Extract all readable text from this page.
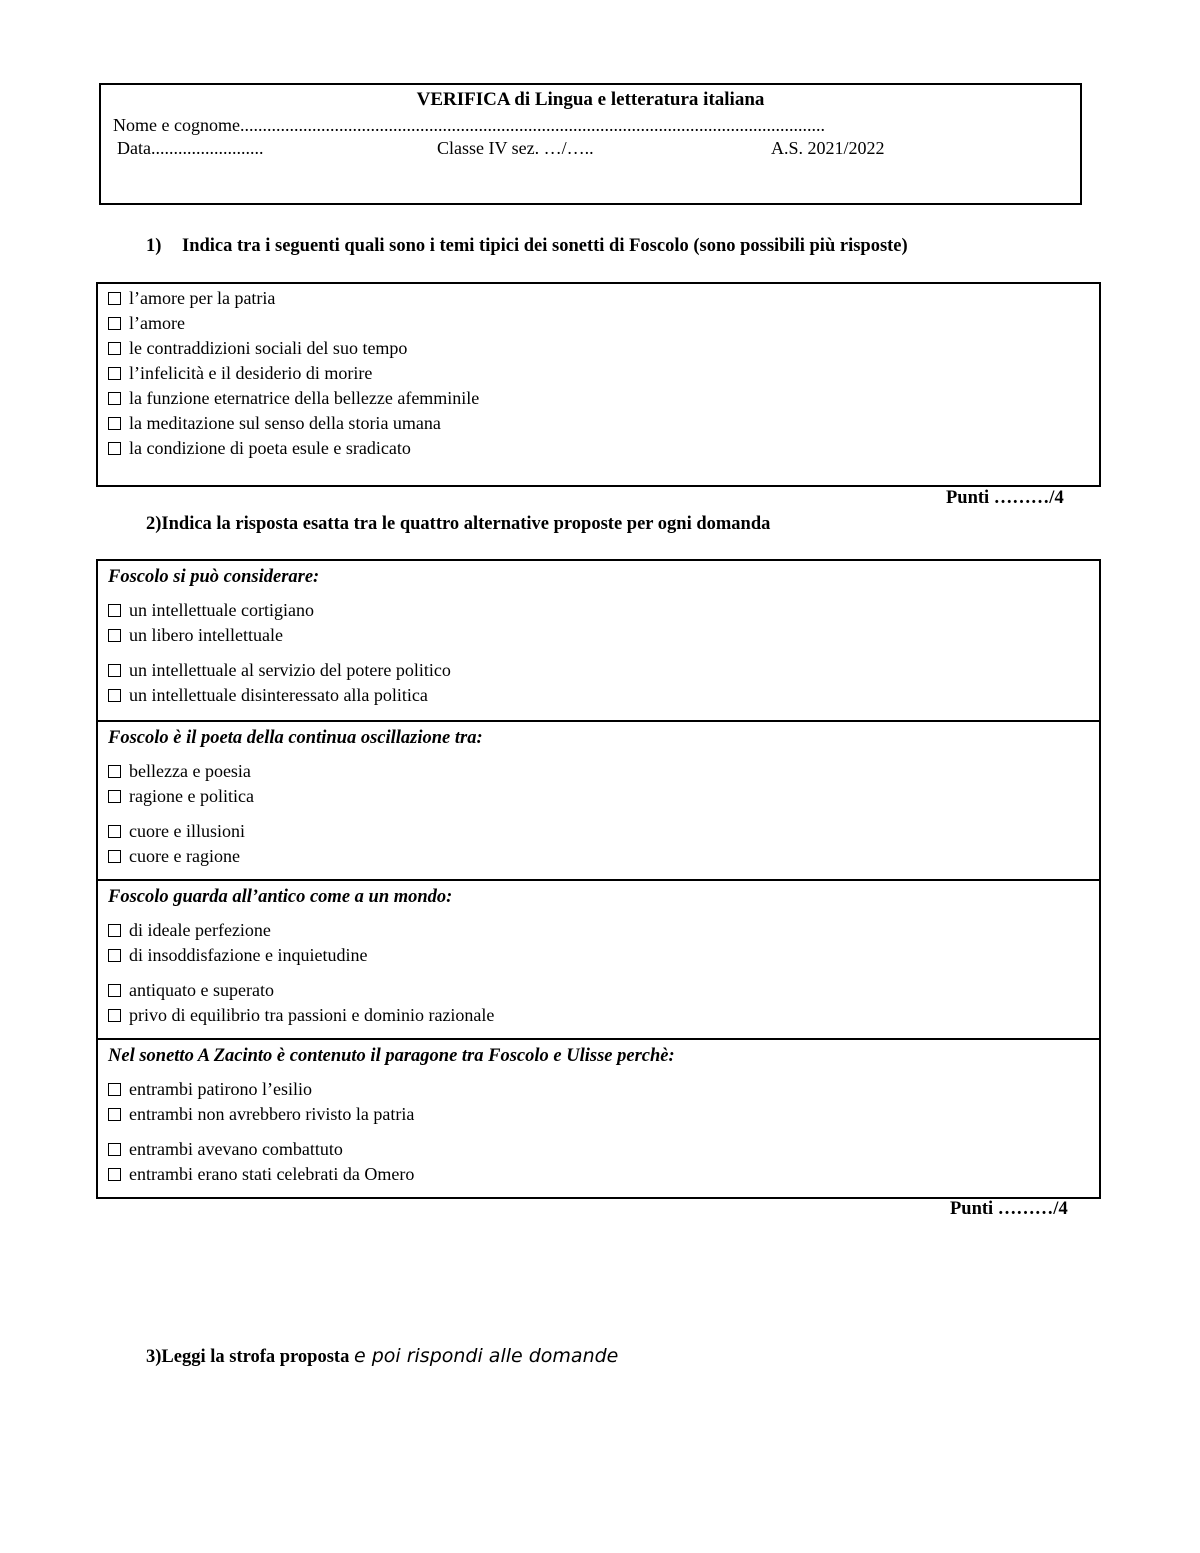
VERIFICA di Lingua e letteratura italiana
Nome e cognome..................................................................................................................................
Data.........................	Classe IV sez. …/…..	A.S. 2021/2022
1) Indica tra i seguenti quali sono i temi tipici dei sonetti di Foscolo (sono possibili più risposte)
l’amore per la patria
l’amore
le contraddizioni sociali del suo tempo
l’infelicità e il desiderio di morire
la funzione eternatrice della bellezze afemminile
la meditazione sul senso della storia umana
la condizione di poeta esule e sradicato
Punti ………/4
2)Indica la risposta esatta tra le quattro alternative proposte per ogni domanda
Foscolo si può considerare:
un intellettuale cortigiano
un libero intellettuale
un intellettuale al servizio del potere politico
un intellettuale disinteressato alla politica
Foscolo è il poeta della continua oscillazione tra:
bellezza e poesia
ragione e politica
cuore e illusioni
cuore e ragione
Foscolo guarda all’antico come a un mondo:
di ideale perfezione
di insoddisfazione e inquietudine
antiquato e superato
privo di equilibrio tra passioni e dominio razionale
Nel sonetto A Zacinto è contenuto il paragone tra Foscolo e Ulisse perchè:
entrambi patirono l’esilio
entrambi non avrebbero rivisto la patria
entrambi avevano combattuto
entrambi erano stati celebrati da Omero
Punti ………/4
3)Leggi la strofa proposta e poi rispondi alle domande
